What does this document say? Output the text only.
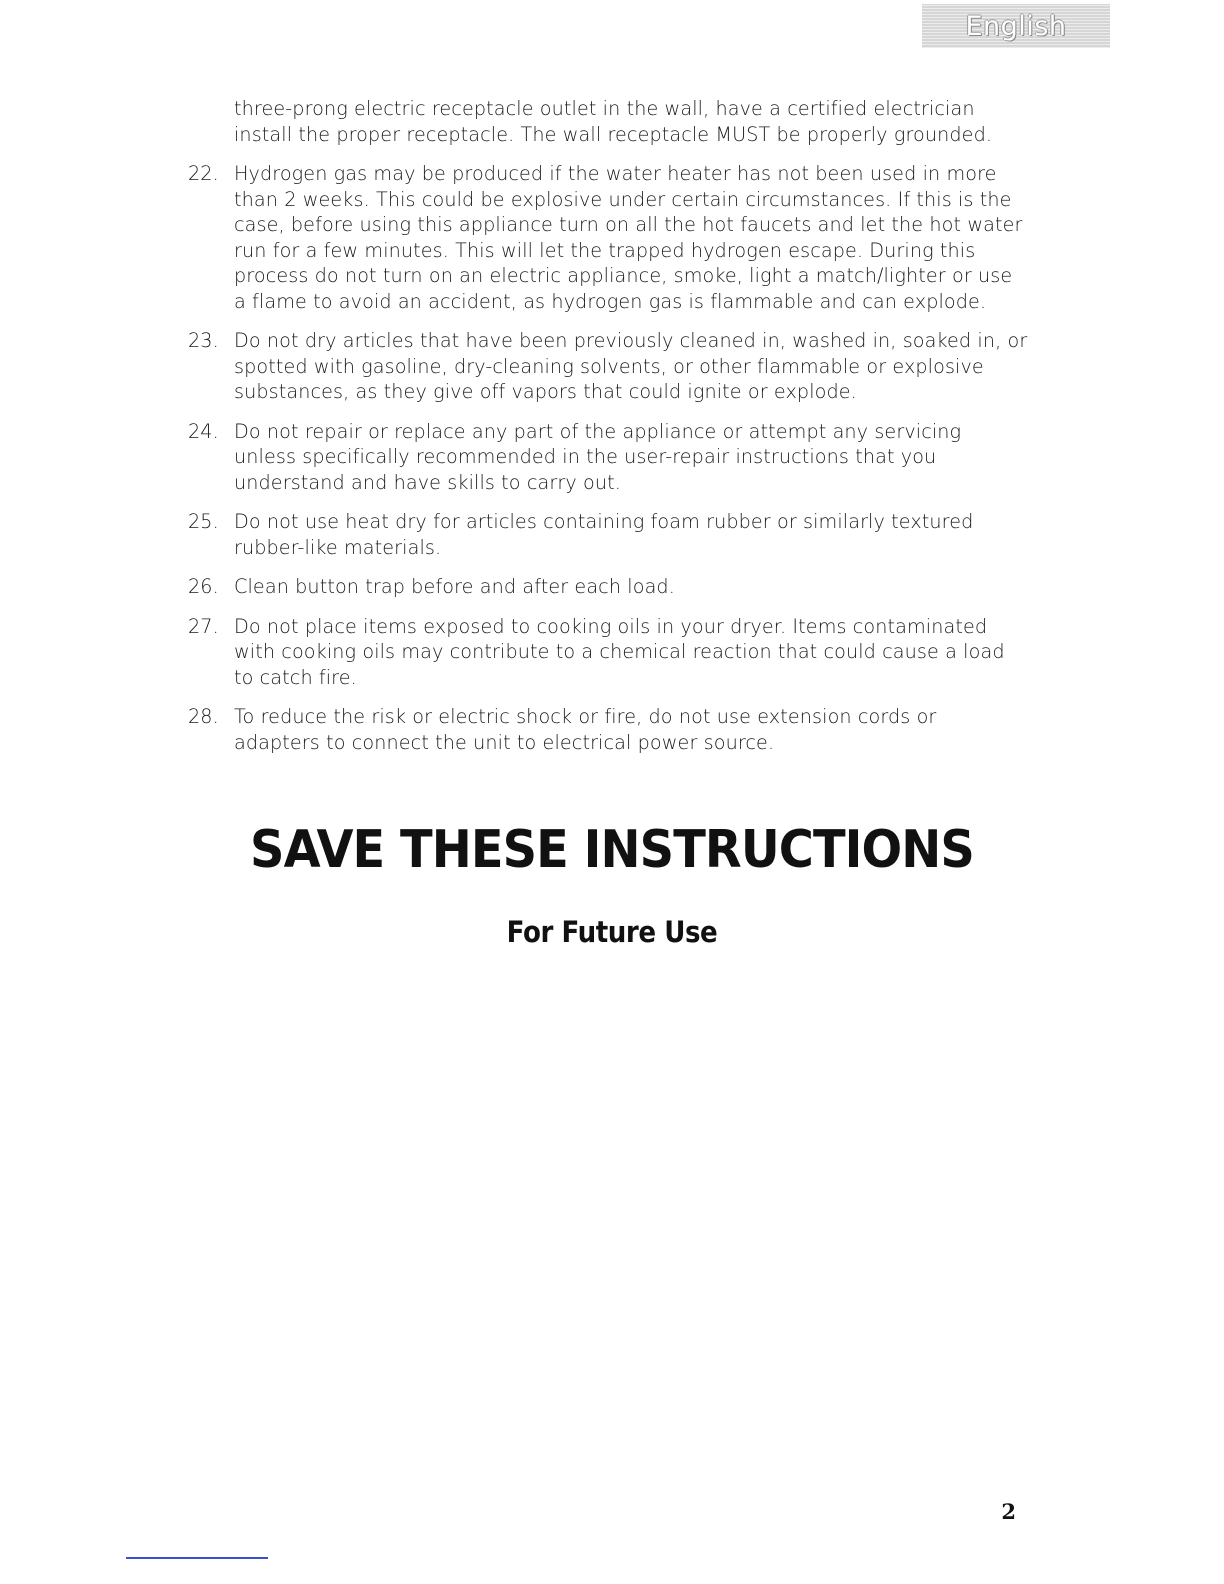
English
three-prong electric receptacle outlet in the wall, have a certified electrician install the proper receptacle. The wall receptacle MUST be properly grounded.
22. Hydrogen gas may be produced if the water heater has not been used in more than 2 weeks. This could be explosive under certain circumstances. If this is the case, before using this appliance turn on all the hot faucets and let the hot water run for a few minutes. This will let the trapped hydrogen escape. During this process do not turn on an electric appliance, smoke, light a match/lighter or use a flame to avoid an accident, as hydrogen gas is flammable and can explode.
23. Do not dry articles that have been previously cleaned in, washed in, soaked in, or spotted with gasoline, dry-cleaning solvents, or other flammable or explosive substances, as they give off vapors that could ignite or explode.
24. Do not repair or replace any part of the appliance or attempt any servicing unless specifically recommended in the user-repair instructions that you understand and have skills to carry out.
25. Do not use heat dry for articles containing foam rubber or similarly textured rubber-like materials.
26. Clean button trap before and after each load.
27. Do not place items exposed to cooking oils in your dryer. Items contaminated with cooking oils may contribute to a chemical reaction that could cause a load to catch fire.
28. To reduce the risk or electric shock or fire, do not use extension cords or adapters to connect the unit to electrical power source.
SAVE THESE INSTRUCTIONS
For Future Use
2
